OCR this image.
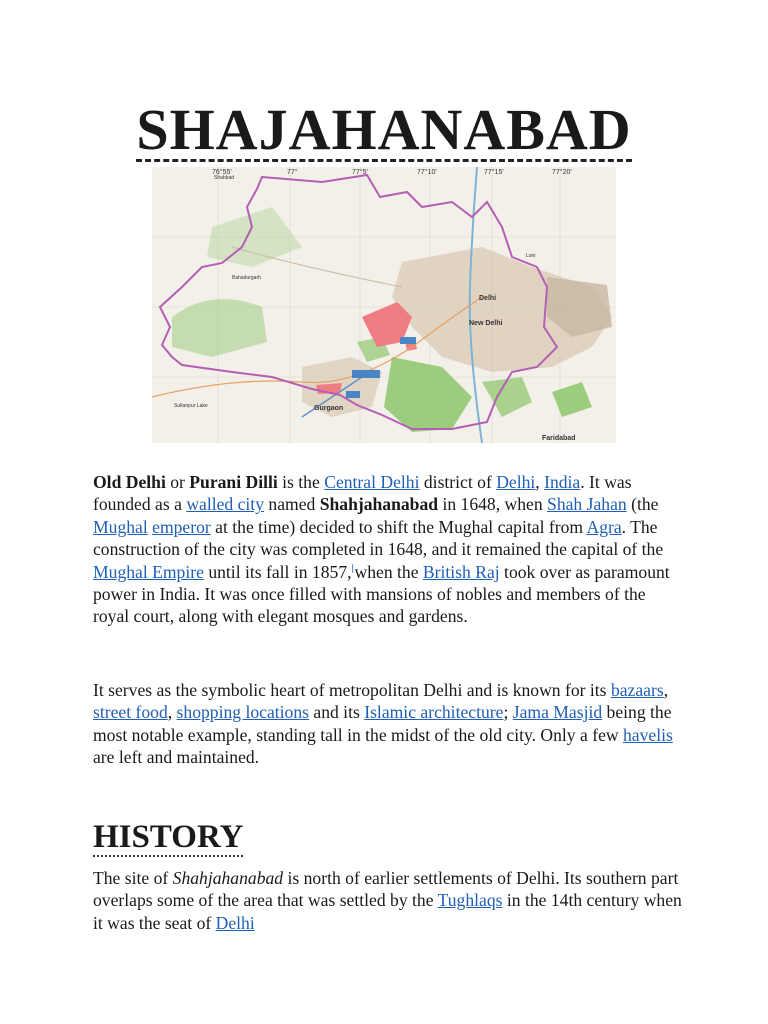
SHAJAHANABAD
76°55'	77°	77°5'	77°10'	77°15'	77°20'
Bahadurgarh
Shahbad
Loni
Delhi
New Delhi
Gurgaon
Faridabad
Sultanpur Lake

Old Delhi or Purani Dilli is the Central Delhi district of Delhi, India. It was founded as a walled city named Shahjahanabad in 1648, when Shah Jahan (the Mughal emperor at the time) decided to shift the Mughal capital from Agra. The construction of the city was completed in 1648, and it remained the capital of the Mughal Empire until its fall in 1857,[when the British Raj took over as paramount power in India. It was once filled with mansions of nobles and members of the royal court, along with elegant mosques and gardens.

It serves as the symbolic heart of metropolitan Delhi and is known for its bazaars, street food, shopping locations and its Islamic architecture; Jama Masjid being the most notable example, standing tall in the midst of the old city. Only a few havelis are left and maintained.

HISTORY

The site of Shahjahanabad is north of earlier settlements of Delhi. Its southern part overlaps some of the area that was settled by the Tughlaqs in the 14th century when it was the seat of Delhi
